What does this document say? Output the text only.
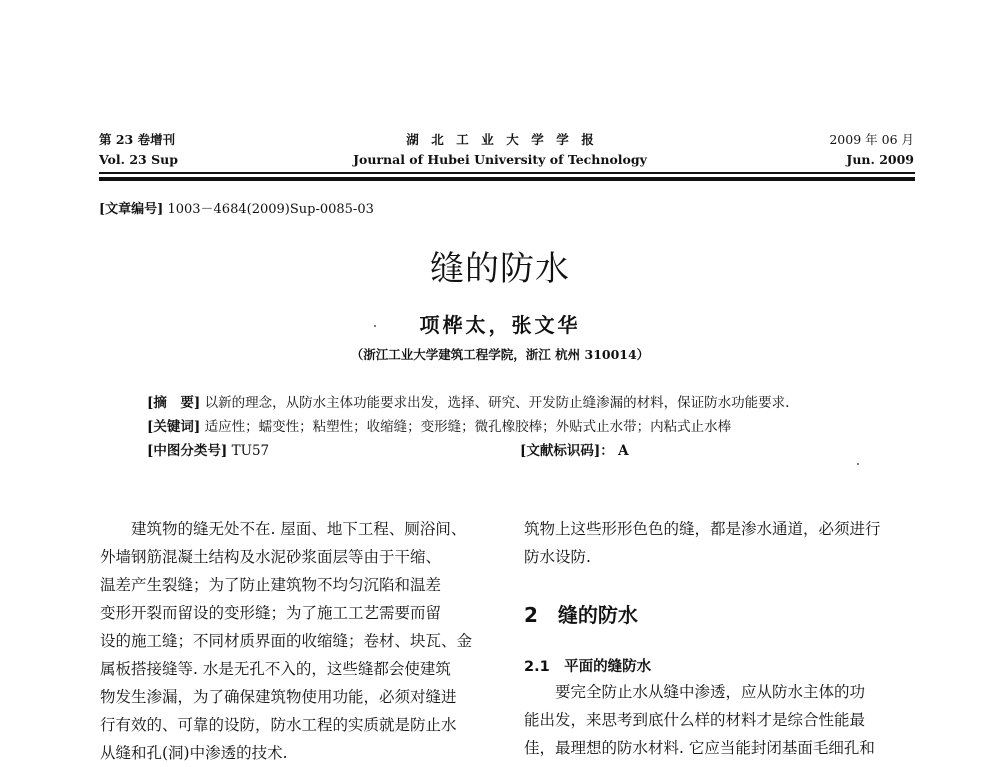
第 23 卷增刊
Vol. 23 Sup
湖　北　工　业　大　学　学　报
Journal of Hubei University of Technology
2009 年 06 月
Jun. 2009
[文章编号] 1003－4684(2009)Sup-0085-03
缝的防水
项桦太，张文华
（浙江工业大学建筑工程学院，浙江 杭州 310014）
[摘　要] 以新的理念，从防水主体功能要求出发，选择、研究、开发防止缝渗漏的材料，保证防水功能要求.
[关键词] 适应性；蠕变性；粘塑性；收缩缝；变形缝；微孔橡胶棒；外贴式止水带；内粘式止水棒
[中图分类号] TU57	[文献标识码]： A

建筑物的缝无处不在. 屋面、地下工程、厕浴间、

外墙钢筋混凝土结构及水泥砂浆面层等由于干缩、

温差产生裂缝；为了防止建筑物不均匀沉陷和温差

变形开裂而留设的变形缝；为了施工工艺需要而留

设的施工缝；不同材质界面的收缩缝；卷材、块瓦、金

属板搭接缝等. 水是无孔不入的，这些缝都会使建筑

物发生渗漏，为了确保建筑物使用功能，必须对缝进

行有效的、可靠的设防，防水工程的实质就是防止水

从缝和孔(洞)中渗透的技术.

筑物上这些形形色色的缝，都是渗水通道，必须进行

防水设防.

2　缝的防水
2.1　平面的缝防水

要完全防止水从缝中渗透，应从防水主体的功

能出发，来思考到底什么样的材料才是综合性能最

佳，最理想的防水材料. 它应当能封闭基面毛细孔和
